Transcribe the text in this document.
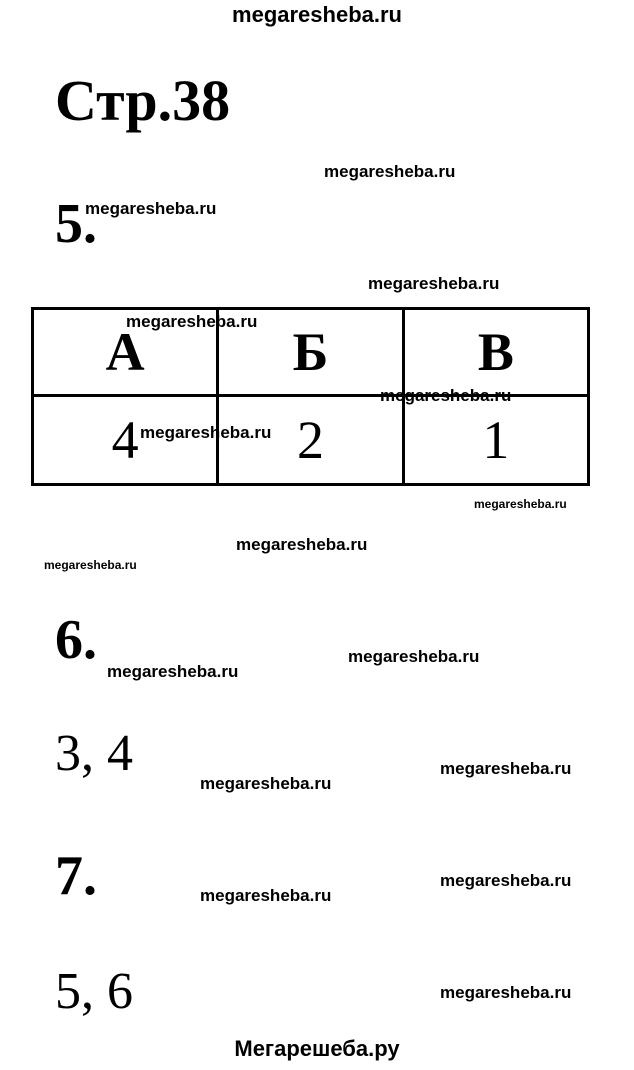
megaresheba.ru
Стр.38
megaresheba.ru
5.
megaresheba.ru
megaresheba.ru
А	Б	В
4	2	1
megaresheba.ru
megaresheba.ru
megaresheba.ru
megaresheba.ru
megaresheba.ru
megaresheba.ru
6.	megaresheba.ru
megaresheba.ru
3, 4	megaresheba.ru
megaresheba.ru
7.	megaresheba.ru
megaresheba.ru
5, 6	megaresheba.ru
Мегарешеба.ру
